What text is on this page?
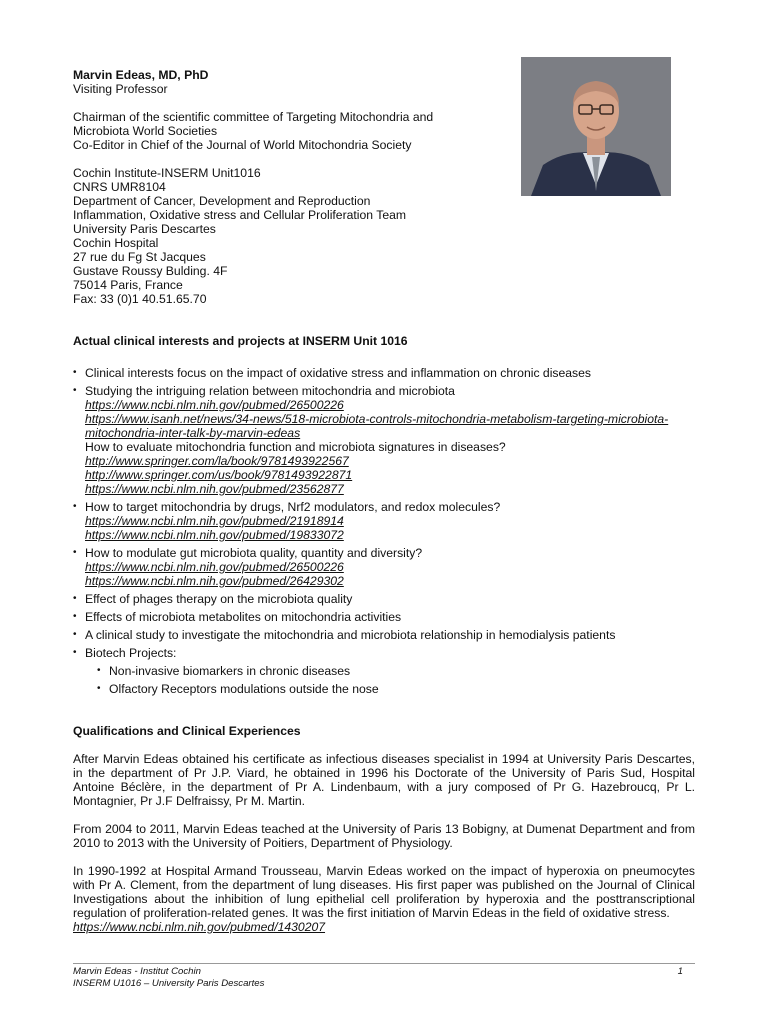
Marvin Edeas, MD, PhD
Visiting Professor
Chairman of the scientific committee of Targeting Mitochondria and
Microbiota World Societies
Co-Editor in Chief of the Journal of World Mitochondria Society
Cochin Institute-INSERM Unit1016
CNRS UMR8104
Department of Cancer, Development and Reproduction
Inflammation, Oxidative stress and Cellular Proliferation Team
University Paris Descartes
Cochin Hospital
27 rue du Fg St Jacques
Gustave Roussy Bulding. 4F
75014 Paris, France
Fax: 33 (0)1 40.51.65.70
Actual clinical interests and projects at INSERM Unit 1016
• Clinical interests focus on the impact of oxidative stress and inflammation on chronic diseases
• Studying the intriguing relation between mitochondria and microbiota
https://www.ncbi.nlm.nih.gov/pubmed/26500226
https://www.isanh.net/news/34-news/518-microbiota-controls-mitochondria-metabolism-targeting-microbiota-mitochondria-inter-talk-by-marvin-edeas
How to evaluate mitochondria function and microbiota signatures in diseases?
http://www.springer.com/la/book/9781493922567
http://www.springer.com/us/book/9781493922871
https://www.ncbi.nlm.nih.gov/pubmed/23562877
• How to target mitochondria by drugs, Nrf2 modulators, and redox molecules?
https://www.ncbi.nlm.nih.gov/pubmed/21918914
https://www.ncbi.nlm.nih.gov/pubmed/19833072
• How to modulate gut microbiota quality, quantity and diversity?
https://www.ncbi.nlm.nih.gov/pubmed/26500226
https://www.ncbi.nlm.nih.gov/pubmed/26429302
• Effect of phages therapy on the microbiota quality
• Effects of microbiota metabolites on mitochondria activities
• A clinical study to investigate the mitochondria and microbiota relationship in hemodialysis patients
• Biotech Projects:
• Non-invasive biomarkers in chronic diseases
• Olfactory Receptors modulations outside the nose
Qualifications and Clinical Experiences

After Marvin Edeas obtained his certificate as infectious diseases specialist in 1994 at University Paris Descartes, in the department of Pr J.P. Viard, he obtained in 1996 his Doctorate of the University of Paris Sud, Hospital Antoine Béclère, in the department of Pr A. Lindenbaum, with a jury composed of Pr G. Hazebroucq, Pr L. Montagnier, Pr J.F Delfraissy, Pr M. Martin.

From 2004 to 2011, Marvin Edeas teached at the University of Paris 13 Bobigny, at Dumenat Department and from 2010 to 2013 with the University of Poitiers, Department of Physiology.

In 1990-1992 at Hospital Armand Trousseau, Marvin Edeas worked on the impact of hyperoxia on pneumocytes with Pr A. Clement, from the department of lung diseases. His first paper was published on the Journal of Clinical Investigations about the inhibition of lung epithelial cell proliferation by hyperoxia and the posttranscriptional regulation of proliferation-related genes. It was the first initiation of Marvin Edeas in the field of oxidative stress.
https://www.ncbi.nlm.nih.gov/pubmed/1430207
Marvin Edeas - Institut Cochin
INSERM U1016 – University Paris Descartes
1
